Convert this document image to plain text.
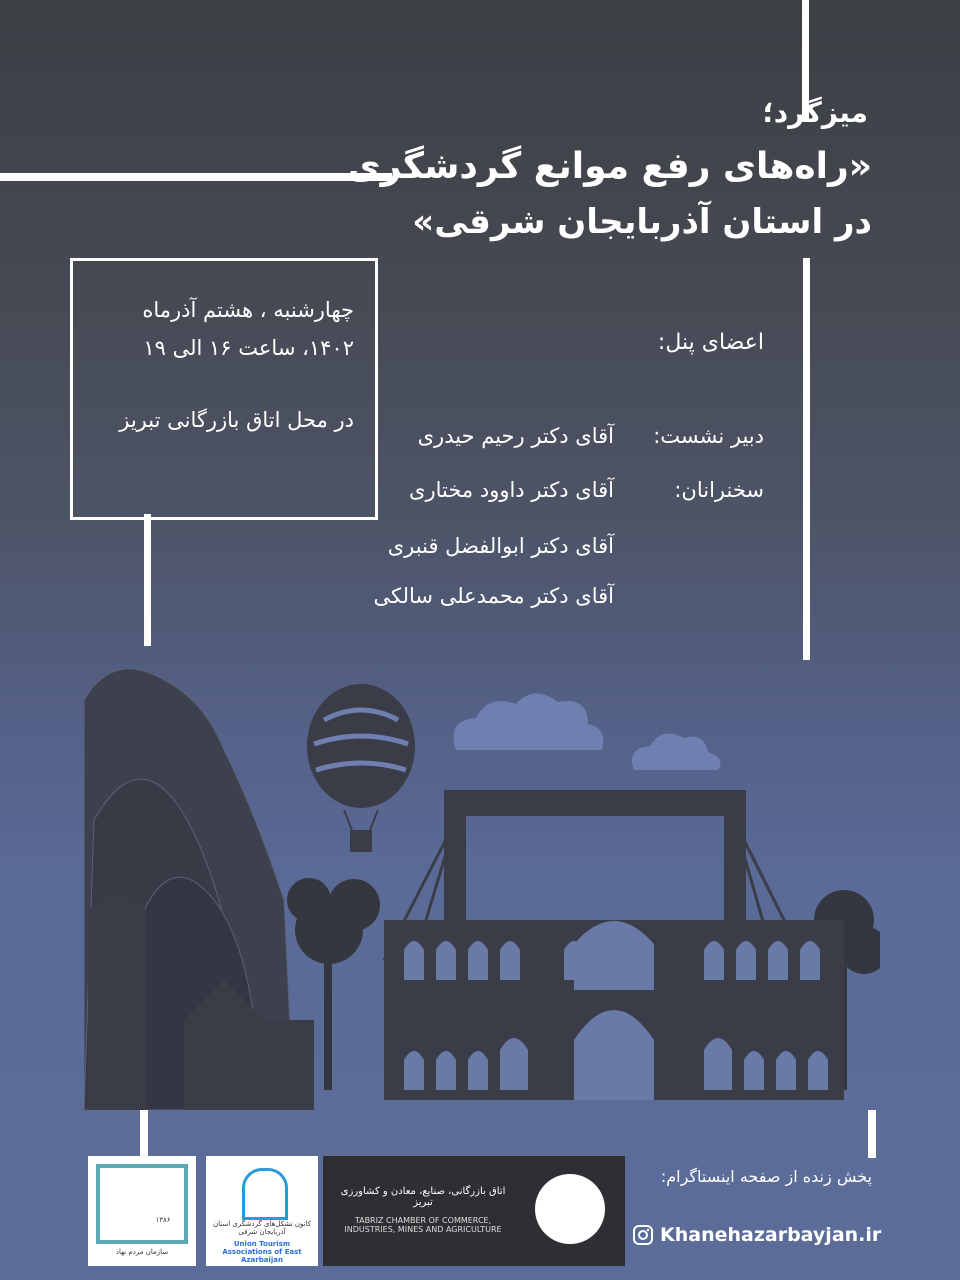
میزگرد؛
«راه‌های رفع موانع گردشگری
در استان آذربایجان شرقی»
چهارشنبه ، هشتم آذرماه
۱۴۰۲، ساعت ۱۶ الی ۱۹
در محل اتاق بازرگانی تبریز
اعضای پنل:
دبیر نشست:
سخنرانان:
آقای دکتر رحیم حیدری
آقای دکتر داوود مختاری
آقای دکتر ابوالفضل قنبری
آقای دکتر محمدعلی سالکی
۱۳۸۶
سازمان مردم نهاد
کانون تشکل‌های گردشگری استان آذربایجان شرقی
Union Tourism Associations of East Azarbaijan
اتاق بازرگانی، صنایع، معادن و کشاورزی تبریز
TABRIZ CHAMBER OF COMMERCE, INDUSTRIES, MINES AND AGRICULTURE
پخش زنده از صفحه اینستاگرام:
Khanehazarbayjan.ir
